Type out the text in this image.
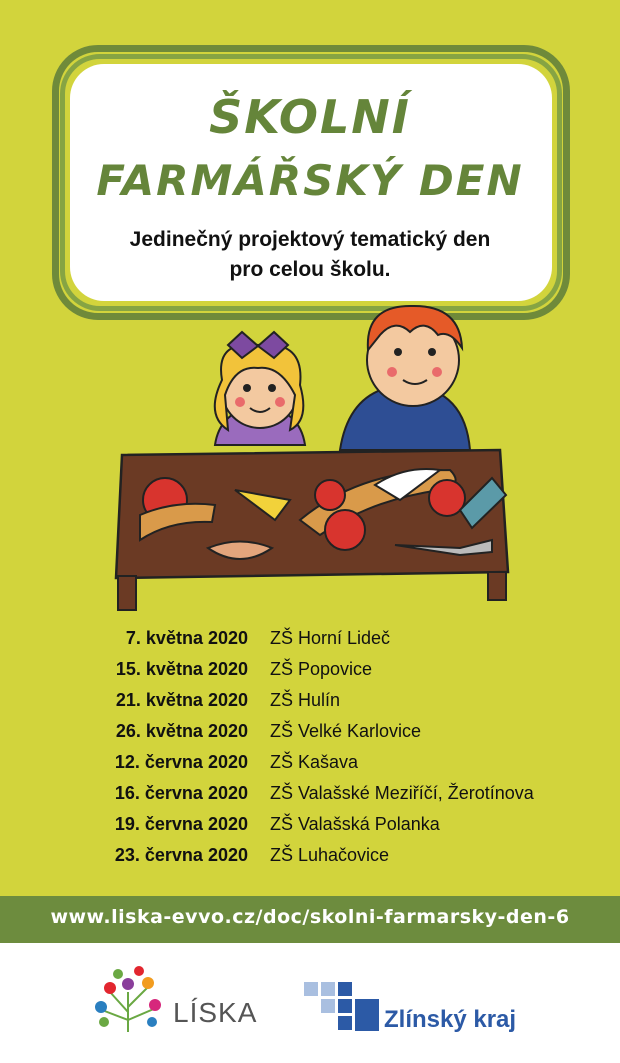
ŠKOLNÍ
FARMÁŘSKÝ DEN
Jedinečný projektový tematický den
pro celou školu.
7. května 2020 ZŠ Horní Lideč
15. května 2020 ZŠ Popovice
21. května 2020 ZŠ Hulín
26. května 2020 ZŠ Velké Karlovice
12. června 2020 ZŠ Kašava
16. června 2020 ZŠ Valašské Meziříčí, Žerotínova
19. června 2020 ZŠ Valašská Polanka
23. června 2020 ZŠ Luhačovice
www.liska-evvo.cz/doc/skolni-farmarsky-den-6
LÍSKA	Zlínský kraj
